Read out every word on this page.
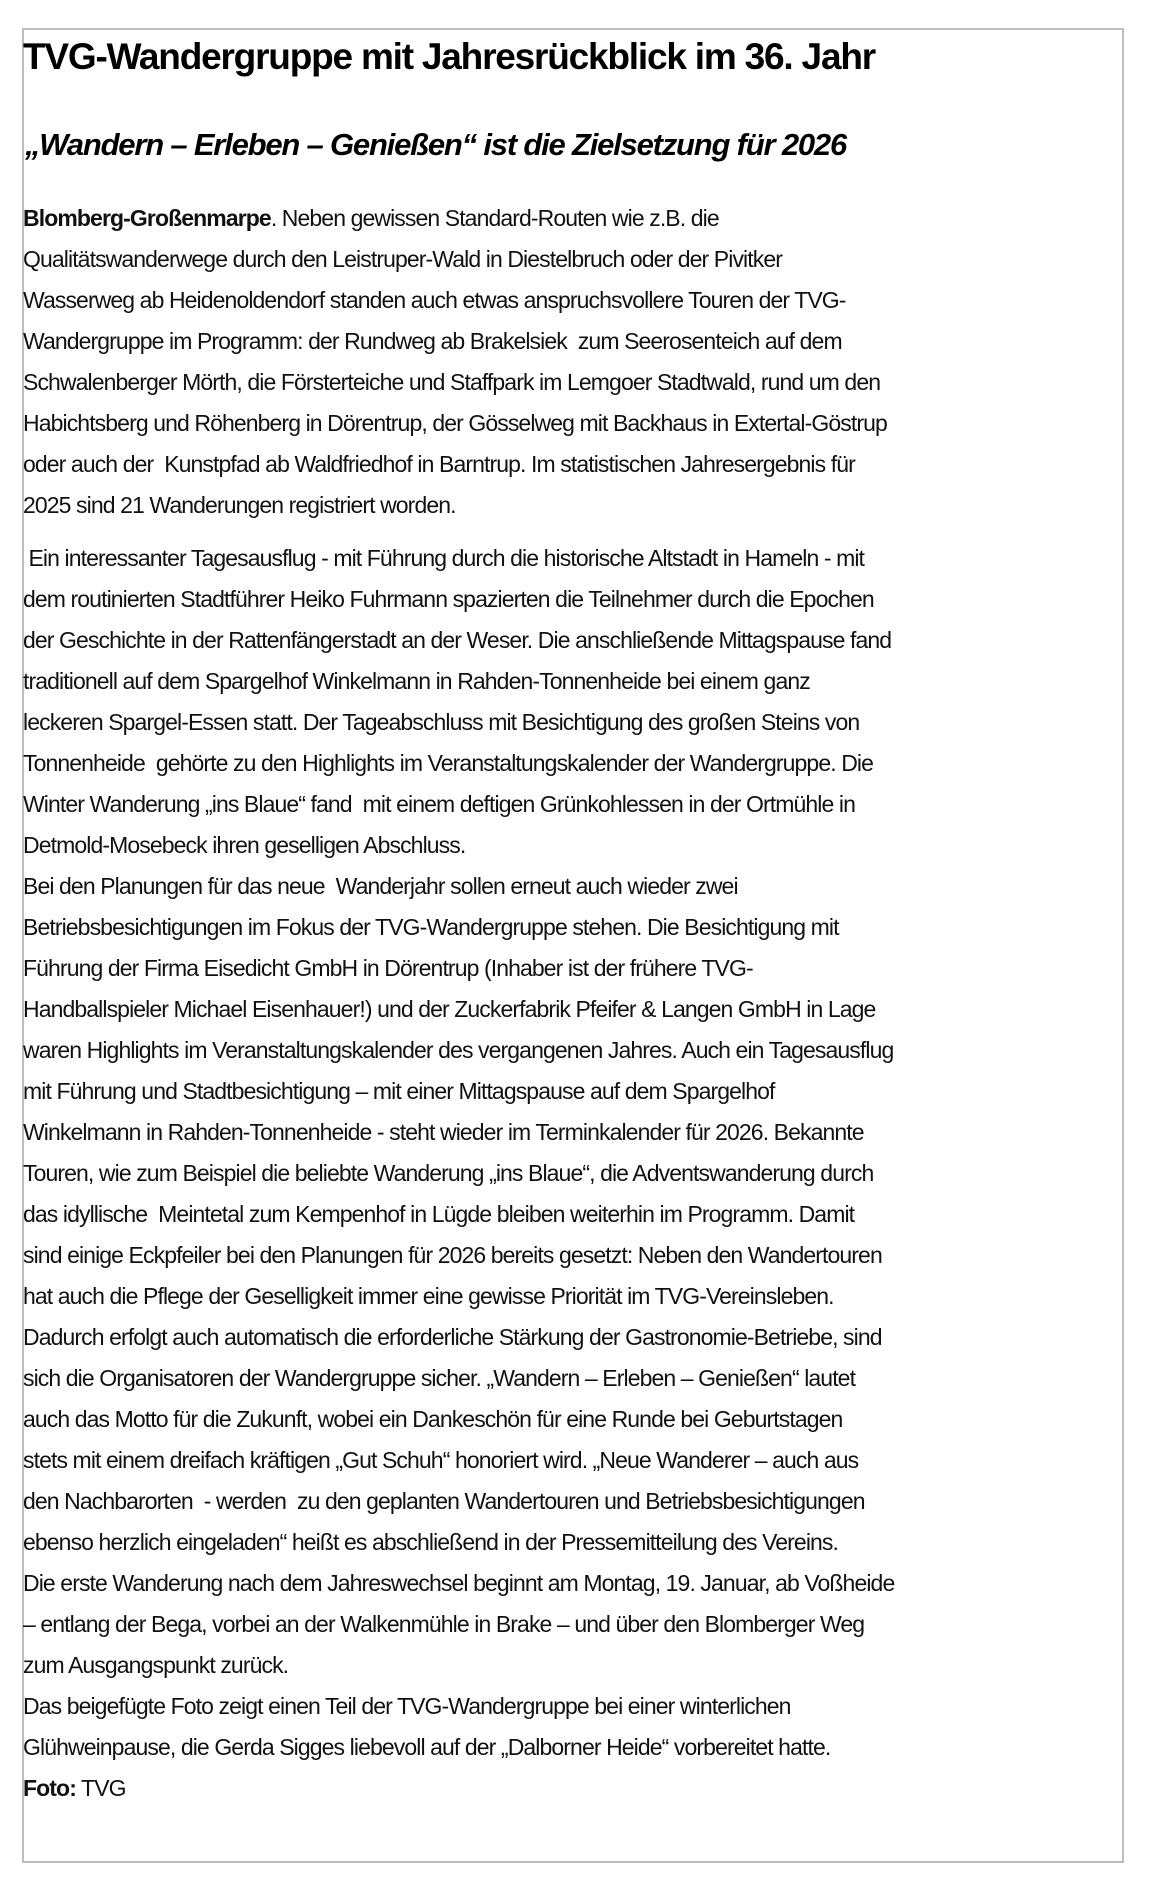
TVG-Wandergruppe mit Jahresrückblick im 36. Jahr
„Wandern – Erleben – Genießen“ ist die Zielsetzung für 2026
Blomberg-Großenmarpe. Neben gewissen Standard-Routen wie z.B. die
Qualitätswanderwege durch den Leistruper-Wald in Diestelbruch oder der Pivitker
Wasserweg ab Heidenoldendorf standen auch etwas anspruchsvollere Touren der TVG-
Wandergruppe im Programm: der Rundweg ab Brakelsiek  zum Seerosenteich auf dem
Schwalenberger Mörth, die Försterteiche und Staffpark im Lemgoer Stadtwald, rund um den
Habichtsberg und Röhenberg in Dörentrup, der Gösselweg mit Backhaus in Extertal-Göstrup
oder auch der  Kunstpfad ab Waldfriedhof in Barntrup. Im statistischen Jahresergebnis für
2025 sind 21 Wanderungen registriert worden.
Ein interessanter Tagesausflug - mit Führung durch die historische Altstadt in Hameln - mit
dem routinierten Stadtführer Heiko Fuhrmann spazierten die Teilnehmer durch die Epochen
der Geschichte in der Rattenfängerstadt an der Weser. Die anschließende Mittagspause fand
traditionell auf dem Spargelhof Winkelmann in Rahden-Tonnenheide bei einem ganz
leckeren Spargel-Essen statt. Der Tageabschluss mit Besichtigung des großen Steins von
Tonnenheide  gehörte zu den Highlights im Veranstaltungskalender der Wandergruppe. Die
Winter Wanderung „ins Blaue“ fand  mit einem deftigen Grünkohlessen in der Ortmühle in
Detmold-Mosebeck ihren geselligen Abschluss.
Bei den Planungen für das neue  Wanderjahr sollen erneut auch wieder zwei
Betriebsbesichtigungen im Fokus der TVG-Wandergruppe stehen. Die Besichtigung mit
Führung der Firma Eisedicht GmbH in Dörentrup (Inhaber ist der frühere TVG-
Handballspieler Michael Eisenhauer!) und der Zuckerfabrik Pfeifer & Langen GmbH in Lage
waren Highlights im Veranstaltungskalender des vergangenen Jahres. Auch ein Tagesausflug
mit Führung und Stadtbesichtigung – mit einer Mittagspause auf dem Spargelhof
Winkelmann in Rahden-Tonnenheide - steht wieder im Terminkalender für 2026. Bekannte
Touren, wie zum Beispiel die beliebte Wanderung „ins Blaue“, die Adventswanderung durch
das idyllische  Meintetal zum Kempenhof in Lügde bleiben weiterhin im Programm. Damit
sind einige Eckpfeiler bei den Planungen für 2026 bereits gesetzt: Neben den Wandertouren
hat auch die Pflege der Geselligkeit immer eine gewisse Priorität im TVG-Vereinsleben.
Dadurch erfolgt auch automatisch die erforderliche Stärkung der Gastronomie-Betriebe, sind
sich die Organisatoren der Wandergruppe sicher. „Wandern – Erleben – Genießen“ lautet
auch das Motto für die Zukunft, wobei ein Dankeschön für eine Runde bei Geburtstagen
stets mit einem dreifach kräftigen „Gut Schuh“ honoriert wird. „Neue Wanderer – auch aus
den Nachbarorten  - werden  zu den geplanten Wandertouren und Betriebsbesichtigungen
ebenso herzlich eingeladen“ heißt es abschließend in der Pressemitteilung des Vereins.
Die erste Wanderung nach dem Jahreswechsel beginnt am Montag, 19. Januar, ab Voßheide
– entlang der Bega, vorbei an der Walkenmühle in Brake – und über den Blomberger Weg
zum Ausgangspunkt zurück.
Das beigefügte Foto zeigt einen Teil der TVG-Wandergruppe bei einer winterlichen
Glühweinpause, die Gerda Sigges liebevoll auf der „Dalborner Heide“ vorbereitet hatte.
Foto: TVG
